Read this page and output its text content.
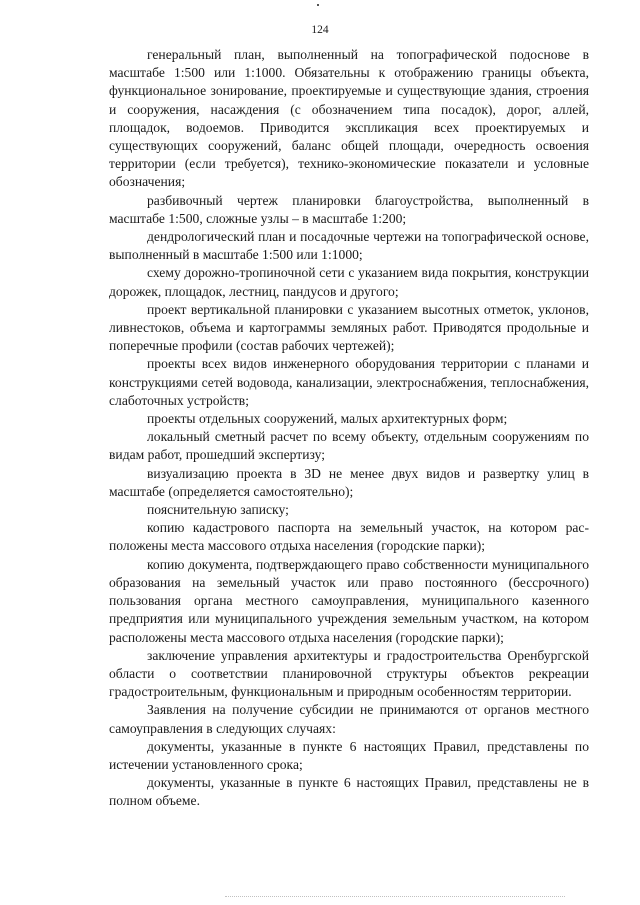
124

генеральный план, выполненный на топографической подоснове в масштабе 1:500 или 1:1000. Обязательны к отображению границы объекта, функциональное зонирование, проектируемые и существующие здания, строения и сооружения, насаждения (с обозначением типа посадок), дорог, аллей, площадок, водоемов. Приводится экспликация всех проектируемых и существующих сооружений, баланс общей площади, очередность освоения территории (если требуется), технико-экономические показатели и условные обозначения;

разбивочный чертеж планировки благоустройства, выполненный в масштабе 1:500, сложные узлы – в масштабе 1:200;

дендрологический план и посадочные чертежи на топографической основе, выполненный в масштабе 1:500 или 1:1000;

схему дорожно-тропиночной сети с указанием вида покрытия, конструкции дорожек, площадок, лестниц, пандусов и другого;

проект вертикальной планировки с указанием высотных отметок, уклонов, ливнестоков, объема и картограммы земляных работ. Приводятся продольные и поперечные профили (состав рабочих чертежей);

проекты всех видов инженерного оборудования территории с планами и конструкциями сетей водовода, канализации, электроснабжения, теплоснабжения, слаботочных устройств;

проекты отдельных сооружений, малых архитектурных форм;

локальный сметный расчет по всему объекту, отдельным сооружениям по видам работ, прошедший экспертизу;

визуализацию проекта в 3D не менее двух видов и развертку улиц в масштабе (определяется самостоятельно);

пояснительную записку;

копию кадастрового паспорта на земельный участок, на котором расположены места массового отдыха населения (городские парки);

копию документа, подтверждающего право собственности муниципального образования на земельный участок или право постоянного (бессрочного) пользования органа местного самоуправления, муниципального казенного предприятия или муниципального учреждения земельным участком, на котором расположены места массового отдыха населения (городские парки);

заключение управления архитектуры и градостроительства Оренбургской области о соответствии планировочной структуры объектов рекреации градостроительным, функциональным и природным особенностям территории.

Заявления на получение субсидии не принимаются от органов местного самоуправления в следующих случаях:

документы, указанные в пункте 6 настоящих Правил, представлены по истечении установленного срока;

документы, указанные в пункте 6 настоящих Правил, представлены не в полном объеме.
